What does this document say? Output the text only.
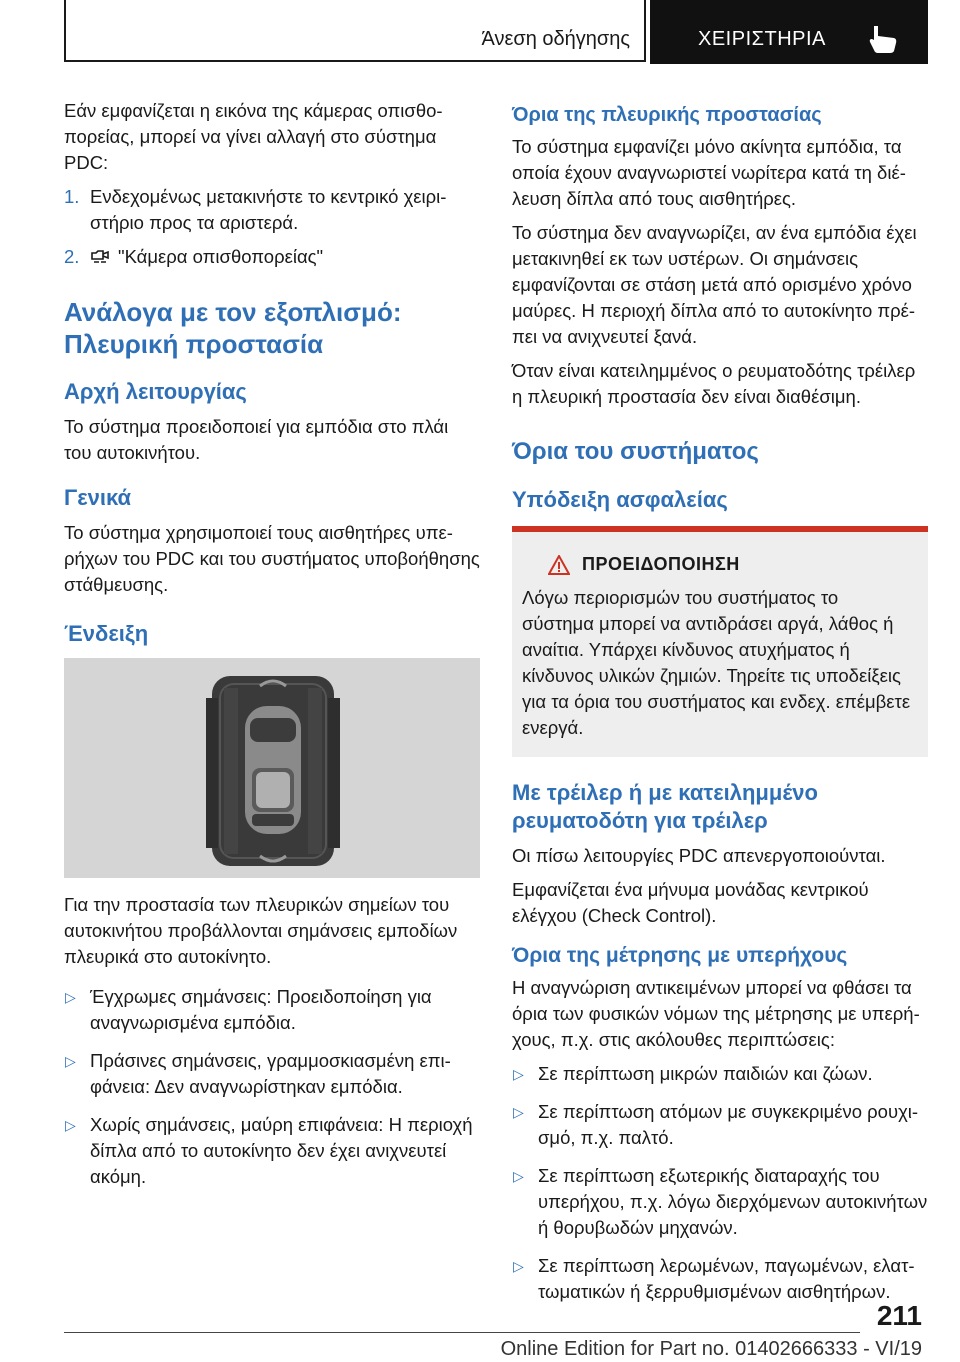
Άνεση οδήγησης	ΧΕΙΡΙΣΤΗΡΙΑ

Εάν εμφανίζεται η εικόνα της κάμερας οπισθοπορείας, μπορεί να γίνει αλλαγή στο σύστημα PDC:

1. Ενδεχομένως μετακινήστε το κεντρικό χειριστήριο προς τα αριστερά.
2. "Κάμερα οπισθοπορείας"
Ανάλογα με τον εξοπλισμό: Πλευρική προστασία
Αρχή λειτουργίας

Το σύστημα προειδοποιεί για εμπόδια στο πλάι του αυτοκινήτου.

Γενικά

Το σύστημα χρησιμοποιεί τους αισθητήρες υπερήχων του PDC και του συστήματος υποβοήθησης στάθμευσης.

Ένδειξη

Για την προστασία των πλευρικών σημείων του αυτοκινήτου προβάλλονται σημάνσεις εμποδίων πλευρικά στο αυτοκίνητο.

▷ Έγχρωμες σημάνσεις: Προειδοποίηση για αναγνωρισμένα εμπόδια.
▷ Πράσινες σημάνσεις, γραμμοσκιασμένη επιφάνεια: Δεν αναγνωρίστηκαν εμπόδια.
▷ Χωρίς σημάνσεις, μαύρη επιφάνεια: Η περιοχή δίπλα από το αυτοκίνητο δεν έχει ανιχνευτεί ακόμη.
Όρια της πλευρικής προστασίας

Το σύστημα εμφανίζει μόνο ακίνητα εμπόδια, τα οποία έχουν αναγνωριστεί νωρίτερα κατά τη διέλευση δίπλα από τους αισθητήρες.

Το σύστημα δεν αναγνωρίζει, αν ένα εμπόδια έχει μετακινηθεί εκ των υστέρων. Οι σημάνσεις εμφανίζονται σε στάση μετά από ορισμένο χρόνο μαύρες. Η περιοχή δίπλα από το αυτοκίνητο πρέπει να ανιχνευτεί ξανά.

Όταν είναι κατειλημμένος ο ρευματοδότης τρέιλερ η πλευρική προστασία δεν είναι διαθέσιμη.

Όρια του συστήματος
Υπόδειξη ασφαλείας
ΠΡΟΕΙΔΟΠΟΙΗΣΗ

Λόγω περιορισμών του συστήματος το σύστημα μπορεί να αντιδράσει αργά, λάθος ή αναίτια. Υπάρχει κίνδυνος ατυχήματος ή κίνδυνος υλικών ζημιών. Τηρείτε τις υποδείξεις για τα όρια του συστήματος και ενδεχ. επέμβετε ενεργά.

Με τρέιλερ ή με κατειλημμένο ρευματοδότη για τρέιλερ

Οι πίσω λειτουργίες PDC απενεργοποιούνται.

Εμφανίζεται ένα μήνυμα μονάδας κεντρικού ελέγχου (Check Control).

Όρια της μέτρησης με υπερήχους

Η αναγνώριση αντικειμένων μπορεί να φθάσει τα όρια των φυσικών νόμων της μέτρησης με υπερήχους, π.χ. στις ακόλουθες περιπτώσεις:

▷ Σε περίπτωση μικρών παιδιών και ζώων.
▷ Σε περίπτωση ατόμων με συγκεκριμένο ρουχισμό, π.χ. παλτό.
▷ Σε περίπτωση εξωτερικής διαταραχής του υπερήχου, π.χ. λόγω διερχόμενων αυτοκινήτων ή θορυβωδών μηχανών.
▷ Σε περίπτωση λερωμένων, παγωμένων, ελαττωματικών ή ξερρυθμισμένων αισθητήρων.
211
Online Edition for Part no. 01402666333 - VI/19
